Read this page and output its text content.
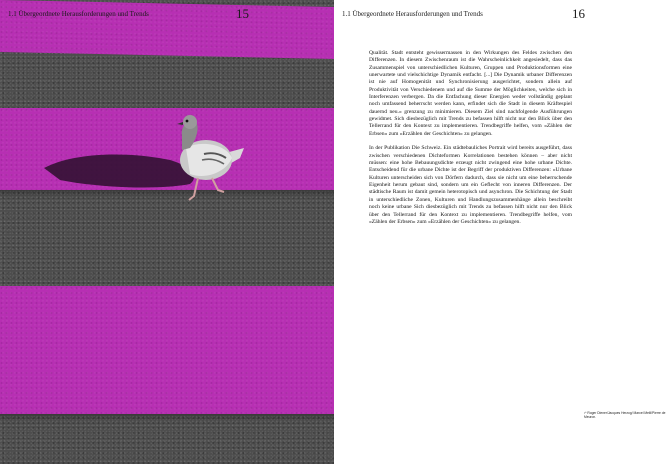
1.1 Übergeordnete Herausforderungen und Trends	15	1.1 Übergeordnete Herausforderungen und Trends	16

Qualität. Stadt entsteht gewissermassen in den Wirkungen des Feldes zwischen den Differenzen. In diesem Zwischenraum ist die Wahrscheinlichkeit angesiedelt, dass das Zusammenspiel von unterschiedlichen Kulturen, Gruppen und Produktionsformen eine unerwartete und vielschichtige Dynamik entfacht. [...] Die Dynamik urbaner Differenzen ist nie auf Homogenität und Synchronisierung ausgerichtet, sondern allein auf Produktivität von Verschiedenem und auf die Summe der Möglichkeiten, welche sich in Interferenzen verbergen. Da die Entfachung dieser Energien weder vollständig geplant noch umfassend beherrscht werden kann, erfindet sich die Stadt in diesem Kräftespiel dauernd neu.» grenzung zu minimieren. Diesem Ziel sind nachfolgende Ausführungen gewidmet. Sich diesbezüglich mit Trends zu befassen hilft nicht nur den Blick über den Tellerrand für den Kontext zu implementieren. Trendbegriffe helfen, vom «Zählen der Erbsen» zum «Erzählen der Geschichten» zu gelangen.

In der Publikation Die Schweiz. Ein städtebauliches Portrait wird bereits ausgeführt, dass zwischen verschiedenen Dichteformen Korrelationen bestehen können – aber nicht müssen: eine hohe Bebauungsdichte erzeugt nicht zwingend eine hohe urbane Dichte. Entscheidend für die urbane Dichte ist der Begriff der produktiven Differenzen: «Urbane Kulturen unterscheiden sich von Dörfern dadurch, dass sie nicht um eine beherrschende Eigenheit herum gebaut sind, sondern um ein Geflecht von inneren Differenzen. Der städtische Raum ist damit gemein heterotopisch und asynchron. Die Schichtung der Stadt in unterschiedliche Zonen, Kulturen und Handlungszusammenhänge allein beschreibt noch keine urbane Sich diesbezüglich mit Trends zu befassen hilft nicht nur den Blick über den Tellerrand für den Kontext zu implementieren. Trendbegriffe helfen, vom «Zählen der Erbsen» zum «Erzählen der Geschichten» zu gelangen.

¹⁶ Roger Diener/Jacques Herzog/ Marcel Meili/Pierre de Meuron.
